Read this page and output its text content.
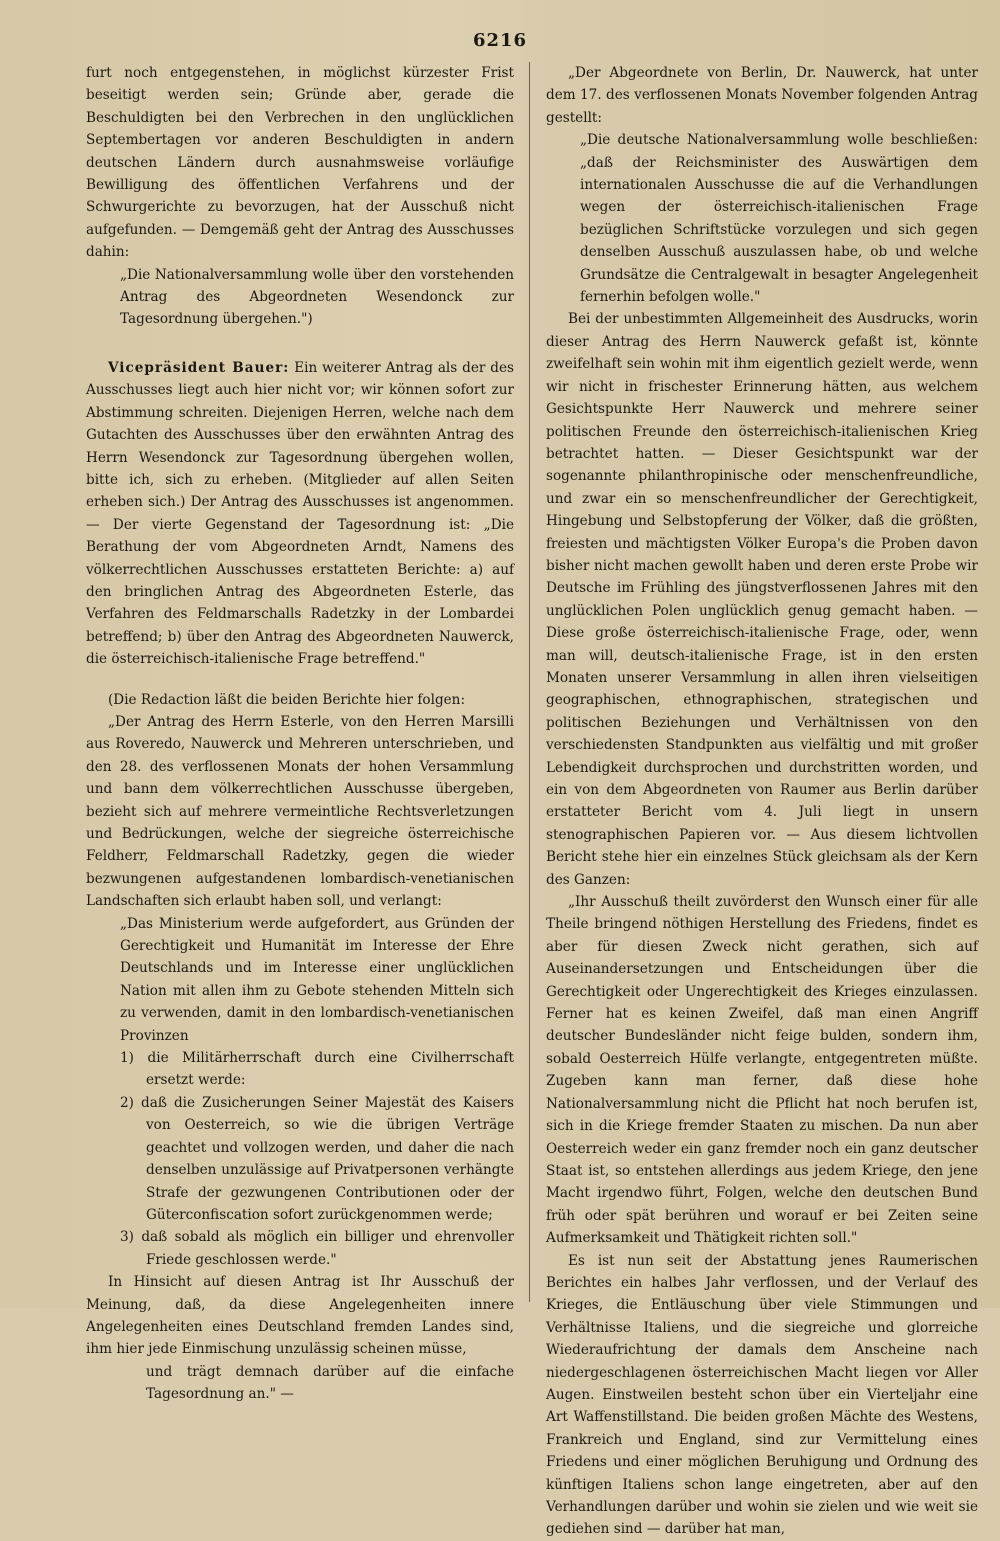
6216

furt noch entgegenstehen, in möglichst kürzester Frist beseitigt werden sein; Gründe aber, gerade die Beschuldigten bei den Verbrechen in den unglücklichen Septembertagen vor anderen Beschuldigten in andern deutschen Ländern durch ausnahmsweise vorläufige Bewilligung des öffentlichen Verfahrens und der Schwurgerichte zu bevorzugen, hat der Ausschuß nicht aufgefunden. — Demgemäß geht der Antrag des Ausschusses dahin:

„Die Nationalversammlung wolle über den vorstehenden Antrag des Abgeordneten Wesendonck zur Tagesordnung übergehen.")

Vicepräsident Bauer: Ein weiterer Antrag als der des Ausschusses liegt auch hier nicht vor; wir können sofort zur Abstimmung schreiten. Diejenigen Herren, welche nach dem Gutachten des Ausschusses über den erwähnten Antrag des Herrn Wesendonck zur Tagesordnung übergehen wollen, bitte ich, sich zu erheben. (Mitglieder auf allen Seiten erheben sich.) Der Antrag des Ausschusses ist angenommen. — Der vierte Gegenstand der Tagesordnung ist: „Die Berathung der vom Abgeordneten Arndt, Namens des völkerrechtlichen Ausschusses erstatteten Berichte: a) auf den bringlichen Antrag des Abgeordneten Esterle, das Verfahren des Feldmarschalls Radetzky in der Lombardei betreffend; b) über den Antrag des Abgeordneten Nauwerck, die österreichisch-italienische Frage betreffend."

(Die Redaction läßt die beiden Berichte hier folgen:

„Der Antrag des Herrn Esterle, von den Herren Marsilli aus Roveredo, Nauwerck und Mehreren unterschrieben, und den 28. des verflossenen Monats der hohen Versammlung und bann dem völkerrechtlichen Ausschusse übergeben, bezieht sich auf mehrere vermeintliche Rechtsverletzungen und Bedrückungen, welche der siegreiche österreichische Feldherr, Feldmarschall Radetzky, gegen die wieder bezwungenen aufgestandenen lombardisch-venetianischen Landschaften sich erlaubt haben soll, und verlangt:

„Das Ministerium werde aufgefordert, aus Gründen der Gerechtigkeit und Humanität im Interesse der Ehre Deutschlands und im Interesse einer unglücklichen Nation mit allen ihm zu Gebote stehenden Mitteln sich zu verwenden, damit in den lombardisch-venetianischen Provinzen

1) die Militärherrschaft durch eine Civilherrschaft ersetzt werde:

2) daß die Zusicherungen Seiner Majestät des Kaisers von Oesterreich, so wie die übrigen Verträge geachtet und vollzogen werden, und daher die nach denselben unzulässige auf Privatpersonen verhängte Strafe der gezwungenen Contributionen oder der Güterconfiscation sofort zurückgenommen werde;

3) daß sobald als möglich ein billiger und ehrenvoller Friede geschlossen werde."

In Hinsicht auf diesen Antrag ist Ihr Ausschuß der Meinung, daß, da diese Angelegenheiten innere Angelegenheiten eines Deutschland fremden Landes sind, ihm hier jede Einmischung unzulässig scheinen müsse,

und trägt demnach darüber auf die einfache Tagesordnung an." —

„Der Abgeordnete von Berlin, Dr. Nauwerck, hat unter dem 17. des verflossenen Monats November folgenden Antrag gestellt:

„Die deutsche Nationalversammlung wolle beschließen: „daß der Reichsminister des Auswärtigen dem internationalen Ausschusse die auf die Verhandlungen wegen der österreichisch-italienischen Frage bezüglichen Schriftstücke vorzulegen und sich gegen denselben Ausschuß auszulassen habe, ob und welche Grundsätze die Centralgewalt in besagter Angelegenheit fernerhin befolgen wolle."

Bei der unbestimmten Allgemeinheit des Ausdrucks, worin dieser Antrag des Herrn Nauwerck gefaßt ist, könnte zweifelhaft sein wohin mit ihm eigentlich gezielt werde, wenn wir nicht in frischester Erinnerung hätten, aus welchem Gesichtspunkte Herr Nauwerck und mehrere seiner politischen Freunde den österreichisch-italienischen Krieg betrachtet hatten. — Dieser Gesichtspunkt war der sogenannte philanthropinische oder menschenfreundliche, und zwar ein so menschenfreundlicher der Gerechtigkeit, Hingebung und Selbstopferung der Völker, daß die größten, freiesten und mächtigsten Völker Europa's die Proben davon bisher nicht machen gewollt haben und deren erste Probe wir Deutsche im Frühling des jüngstverflossenen Jahres mit den unglücklichen Polen unglücklich genug gemacht haben. — Diese große österreichisch-italienische Frage, oder, wenn man will, deutsch-italienische Frage, ist in den ersten Monaten unserer Versammlung in allen ihren vielseitigen geographischen, ethnographischen, strategischen und politischen Beziehungen und Verhältnissen von den verschiedensten Standpunkten aus vielfältig und mit großer Lebendigkeit durchsprochen und durchstritten worden, und ein von dem Abgeordneten von Raumer aus Berlin darüber erstatteter Bericht vom 4. Juli liegt in unsern stenographischen Papieren vor. — Aus diesem lichtvollen Bericht stehe hier ein einzelnes Stück gleichsam als der Kern des Ganzen:

„Ihr Ausschuß theilt zuvörderst den Wunsch einer für alle Theile bringend nöthigen Herstellung des Friedens, findet es aber für diesen Zweck nicht gerathen, sich auf Auseinandersetzungen und Entscheidungen über die Gerechtigkeit oder Ungerechtigkeit des Krieges einzulassen. Ferner hat es keinen Zweifel, daß man einen Angriff deutscher Bundesländer nicht feige bulden, sondern ihm, sobald Oesterreich Hülfe verlangte, entgegentreten müßte. Zugeben kann man ferner, daß diese hohe Nationalversammlung nicht die Pflicht hat noch berufen ist, sich in die Kriege fremder Staaten zu mischen. Da nun aber Oesterreich weder ein ganz fremder noch ein ganz deutscher Staat ist, so entstehen allerdings aus jedem Kriege, den jene Macht irgendwo führt, Folgen, welche den deutschen Bund früh oder spät berühren und worauf er bei Zeiten seine Aufmerksamkeit und Thätigkeit richten soll."

Es ist nun seit der Abstattung jenes Raumerischen Berichtes ein halbes Jahr verflossen, und der Verlauf des Krieges, die Entläuschung über viele Stimmungen und Verhältnisse Italiens, und die siegreiche und glorreiche Wiederaufrichtung der damals dem Anscheine nach niedergeschlagenen österreichischen Macht liegen vor Aller Augen. Einstweilen besteht schon über ein Vierteljahr eine Art Waffenstillstand. Die beiden großen Mächte des Westens, Frankreich und England, sind zur Vermittelung eines Friedens und einer möglichen Beruhigung und Ordnung des künftigen Italiens schon lange eingetreten, aber auf den Verhandlungen darüber und wohin sie zielen und wie weit sie gediehen sind — darüber hat man,
